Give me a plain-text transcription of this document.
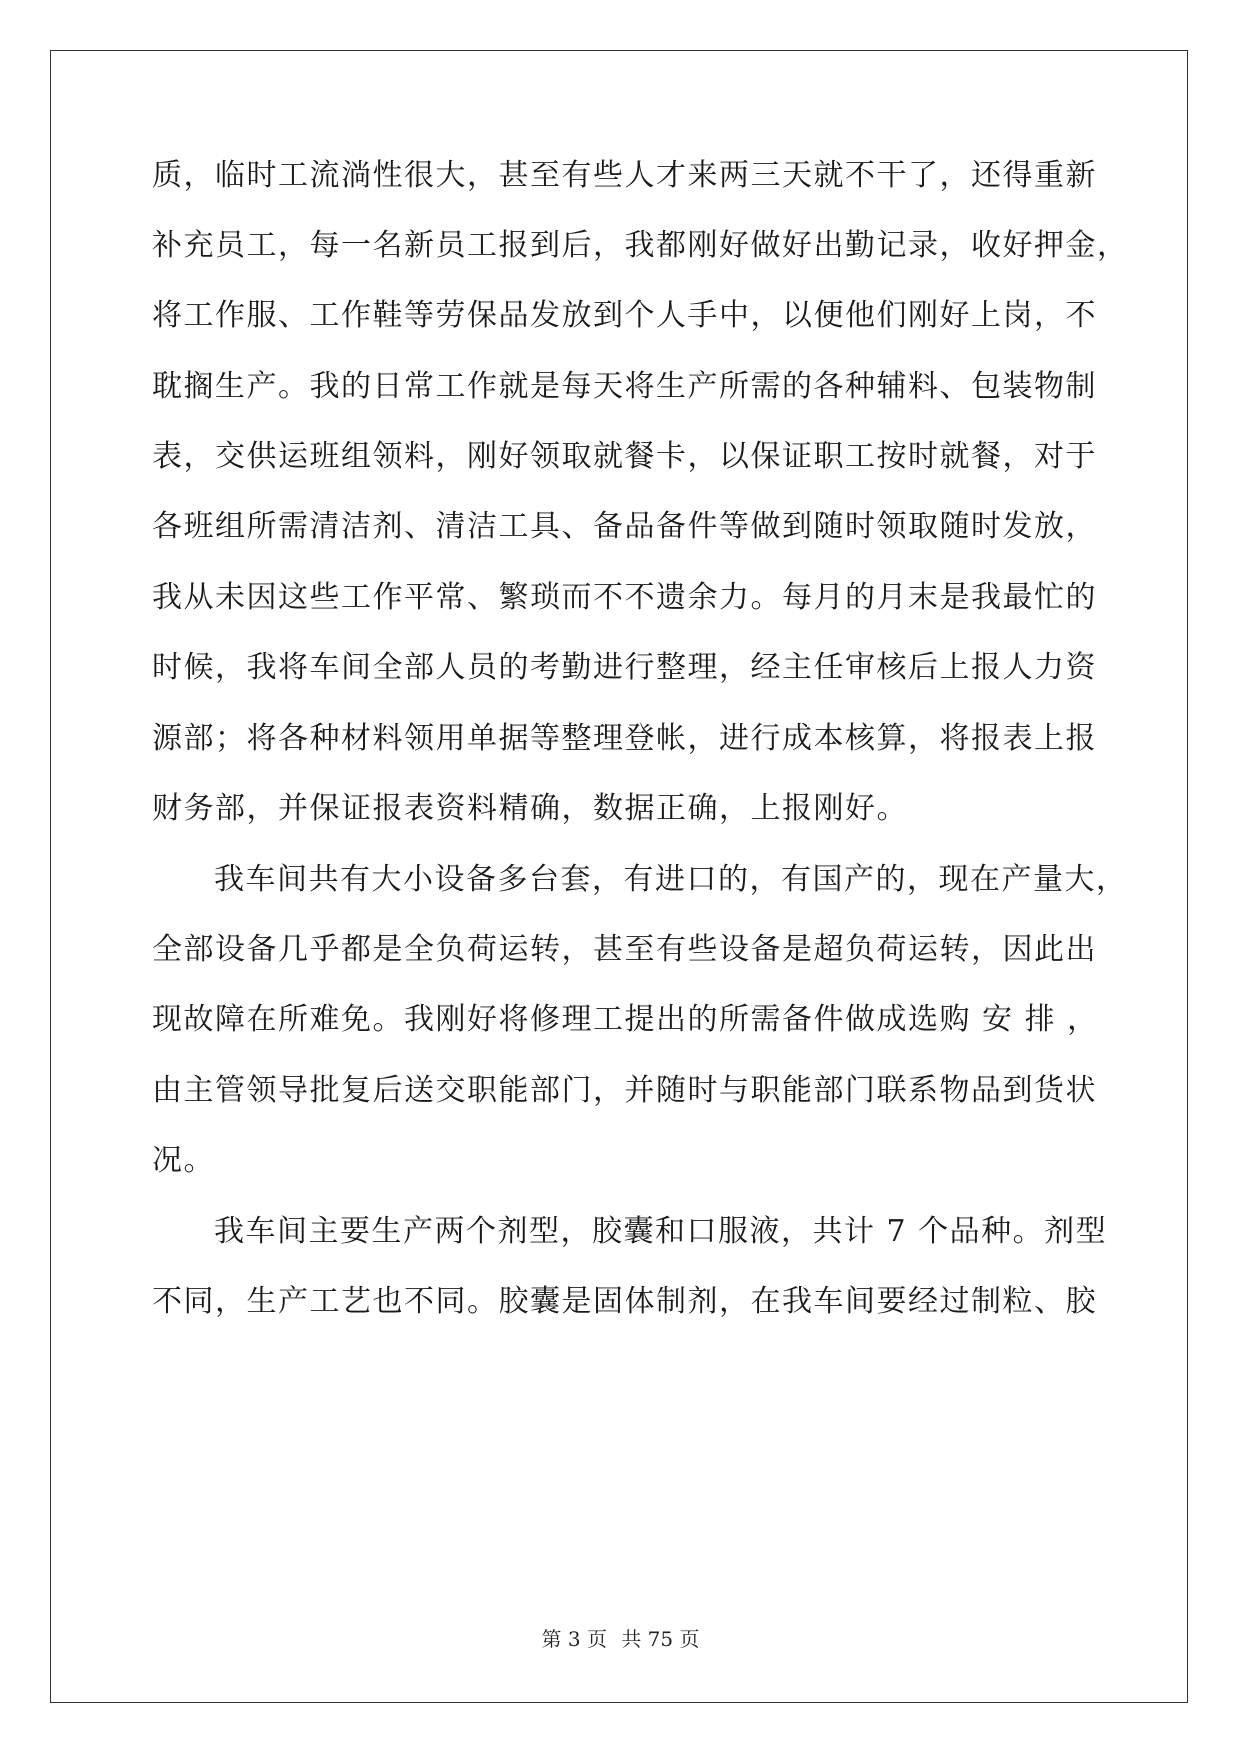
质，临时工流淌性很大，甚至有些人才来两三天就不干了，还得重新
补充员工，每一名新员工报到后，我都刚好做好出勤记录，收好押金，
将工作服、工作鞋等劳保品发放到个人手中，以便他们刚好上岗，不
耽搁生产。我的日常工作就是每天将生产所需的各种辅料、包装物制
表，交供运班组领料，刚好领取就餐卡，以保证职工按时就餐，对于
各班组所需清洁剂、清洁工具、备品备件等做到随时领取随时发放，
我从未因这些工作平常、繁琐而不不遗余力。每月的月末是我最忙的
时候，我将车间全部人员的考勤进行整理，经主任审核后上报人力资
源部；将各种材料领用单据等整理登帐，进行成本核算，将报表上报
财务部，并保证报表资料精确，数据正确，上报刚好。
我车间共有大小设备多台套，有进口的，有国产的，现在产量大，
全部设备几乎都是全负荷运转，甚至有些设备是超负荷运转，因此出
现故障在所难免。我刚好将修理工提出的所需备件做成选购 安 排 ，
由主管领导批复后送交职能部门，并随时与职能部门联系物品到货状
况。
我车间主要生产两个剂型，胶囊和口服液，共计 7 个品种。剂型
不同，生产工艺也不同。胶囊是固体制剂，在我车间要经过制粒、胶
第 3 页 共 75 页
